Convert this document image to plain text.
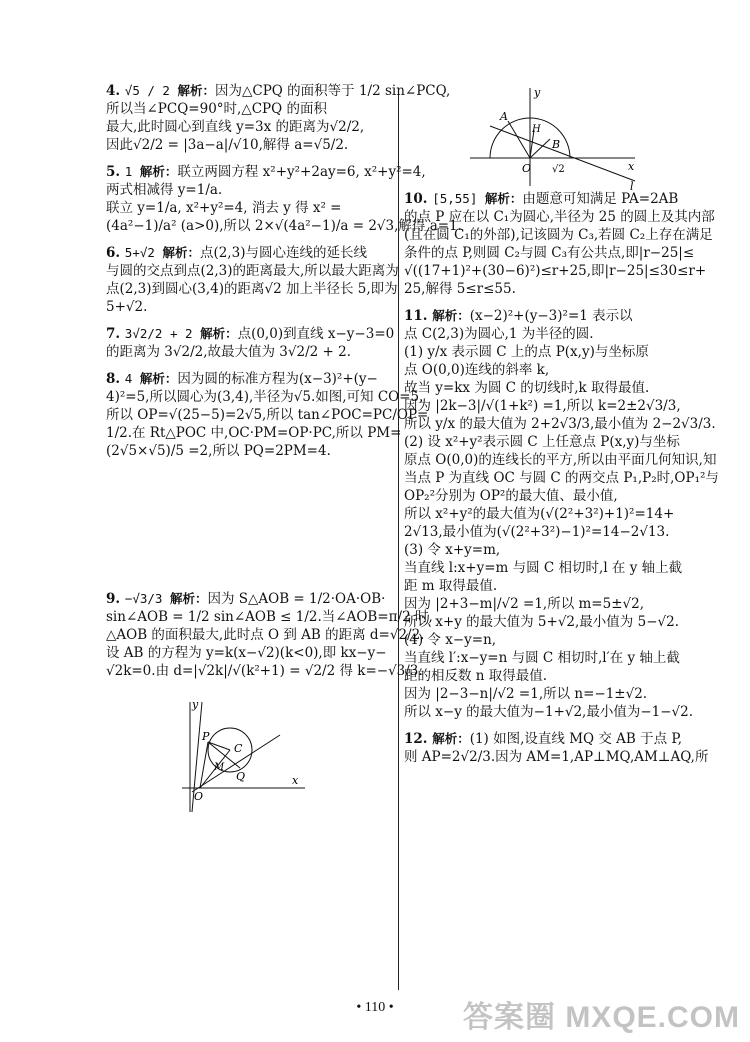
4. √5 / 2 解析：因为△CPQ 的面积等于 1/2 sin∠PCQ,

所以当∠PCQ=90°时,△CPQ 的面积

最大,此时圆心到直线 y=3x 的距离为√2/2,

因此√2/2 = |3a−a|/√10,解得 a=√5/2.

5. 1 解析：联立两圆方程 x²+y²+2ay=6, x²+y²=4,

两式相减得 y=1/a.

联立 y=1/a, x²+y²=4, 消去 y 得 x² =

(4a²−1)/a² (a>0),所以 2×√(4a²−1)/a = 2√3,解得 a=1.

6. 5+√2 解析：点(2,3)与圆心连线的延长线

与圆的交点到点(2,3)的距离最大,所以最大距离为

点(2,3)到圆心(3,4)的距离√2 加上半径长 5,即为

5+√2.

7. 3√2/2 + 2 解析：点(0,0)到直线 x−y−3=0

的距离为 3√2/2,故最大值为 3√2/2 + 2.

8. 4 解析：因为圆的标准方程为(x−3)²+(y−

4)²=5,所以圆心为(3,4),半径为√5.如图,可知 CO=5,

所以 OP=√(25−5)=2√5,所以 tan∠POC=PC/OP=

1/2.在 Rt△POC 中,OC·PM=OP·PC,所以 PM=

(2√5×√5)/5 =2,所以 PQ=2PM=4.

9. −√3/3 解析：因为 S△AOB = 1/2·OA·OB·

sin∠AOB = 1/2 sin∠AOB ≤ 1/2.当∠AOB=π/2 时,

△AOB 的面积最大,此时点 O 到 AB 的距离 d=√2/2.

设 AB 的方程为 y=k(x−√2)(k<0),即 kx−y−

√2k=0.由 d=|√2k|/√(k²+1) = √2/2 得 k=−√3/3.

10. [5,55] 解析：由题意可知满足 PA=2AB

的点 P 应在以 C₁为圆心,半径为 25 的圆上及其内部

(且在圆 C₁的外部),记该圆为 C₃,若圆 C₂上存在满足

条件的点 P,则圆 C₂与圆 C₃有公共点,即|r−25|≤

√((17+1)²+(30−6)²)≤r+25,即|r−25|≤30≤r+

25,解得 5≤r≤55.

11. 解析：(x−2)²+(y−3)²=1 表示以

点 C(2,3)为圆心,1 为半径的圆.

(1) y/x 表示圆 C 上的点 P(x,y)与坐标原

点 O(0,0)连线的斜率 k,

故当 y=kx 为圆 C 的切线时,k 取得最值.

因为 |2k−3|/√(1+k²) =1,所以 k=2±2√3/3,

所以 y/x 的最大值为 2+2√3/3,最小值为 2−2√3/3.

(2) 设 x²+y²表示圆 C 上任意点 P(x,y)与坐标

原点 O(0,0)的连线长的平方,所以由平面几何知识,知

当点 P 为直线 OC 与圆 C 的两交点 P₁,P₂时,OP₁²与

OP₂²分别为 OP²的最大值、最小值,

所以 x²+y²的最大值为(√(2²+3²)+1)²=14+

2√13,最小值为(√(2²+3²)−1)²=14−2√13.

(3) 令 x+y=m,

当直线 l:x+y=m 与圆 C 相切时,l 在 y 轴上截

距 m 取得最值.

因为 |2+3−m|/√2 =1,所以 m=5±√2,

所以 x+y 的最大值为 5+√2,最小值为 5−√2.

(4) 令 x−y=n,

当直线 l′:x−y=n 与圆 C 相切时,l′在 y 轴上截

距的相反数 n 取得最值.

因为 |2−3−n|/√2 =1,所以 n=−1±√2.

所以 x−y 的最大值为−1+√2,最小值为−1−√2.

12. 解析：(1) 如图,设直线 MQ 交 AB 于点 P,

则 AP=2√2/3.因为 AM=1,AP⊥MQ,AM⊥AQ,所

y
A
H
B
O √2	x
l
y
P
C
M
Q
O
x
• 110 •	答案圈 MXQE.COM
